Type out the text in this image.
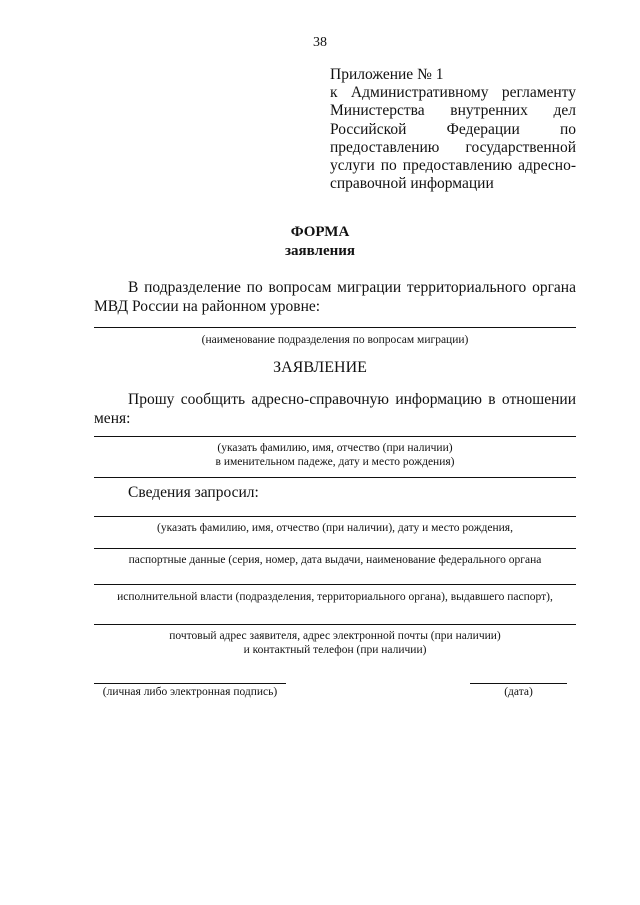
38
Приложение № 1
к Административному регламенту
Министерства внутренних дел
Российской Федерации по
предоставлению государственной
услуги по предоставлению адресно-
справочной информации
ФОРМА
заявления
В подразделение по вопросам миграции территориального органа
МВД России на районном уровне:
(наименование подразделения по вопросам миграции)
ЗАЯВЛЕНИЕ
Прошу сообщить адресно-справочную информацию в отношении
меня:
(указать фамилию, имя, отчество (при наличии)
в именительном падеже, дату и место рождения)
Сведения запросил:
(указать фамилию, имя, отчество (при наличии), дату и место рождения,
паспортные данные (серия, номер, дата выдачи, наименование федерального органа
исполнительной власти (подразделения, территориального органа), выдавшего паспорт),
почтовый адрес заявителя, адрес электронной почты (при наличии)
и контактный телефон (при наличии)
(личная либо электронная подпись)	(дата)
